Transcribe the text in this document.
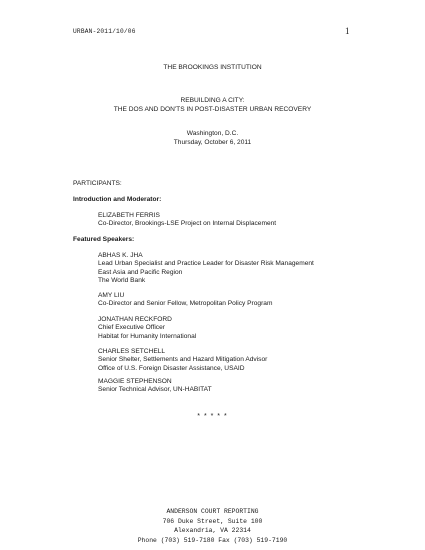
URBAN-2011/10/06	1
THE BROOKINGS INSTITUTION
REBUILDING A CITY:
THE DOS AND DON'TS IN POST-DISASTER URBAN RECOVERY
Washington, D.C.
Thursday, October 6, 2011
PARTICIPANTS:
Introduction and Moderator:
ELIZABETH FERRIS
Co-Director, Brookings-LSE Project on Internal Displacement
Featured Speakers:
ABHAS K. JHA
Lead Urban Specialist and Practice Leader for Disaster Risk Management
East Asia and Pacific Region
The World Bank
AMY LIU
Co-Director and Senior Fellow, Metropolitan Policy Program
JONATHAN RECKFORD
Chief Executive Officer
Habitat for Humanity International
CHARLES SETCHELL
Senior Shelter, Settlements and Hazard Mitigation Advisor
Office of U.S. Foreign Disaster Assistance, USAID
MAGGIE STEPHENSON
Senior Technical Advisor, UN-HABITAT
* * * * *
ANDERSON COURT REPORTING
706 Duke Street, Suite 100
Alexandria, VA 22314
Phone (703) 519-7180 Fax (703) 519-7190
